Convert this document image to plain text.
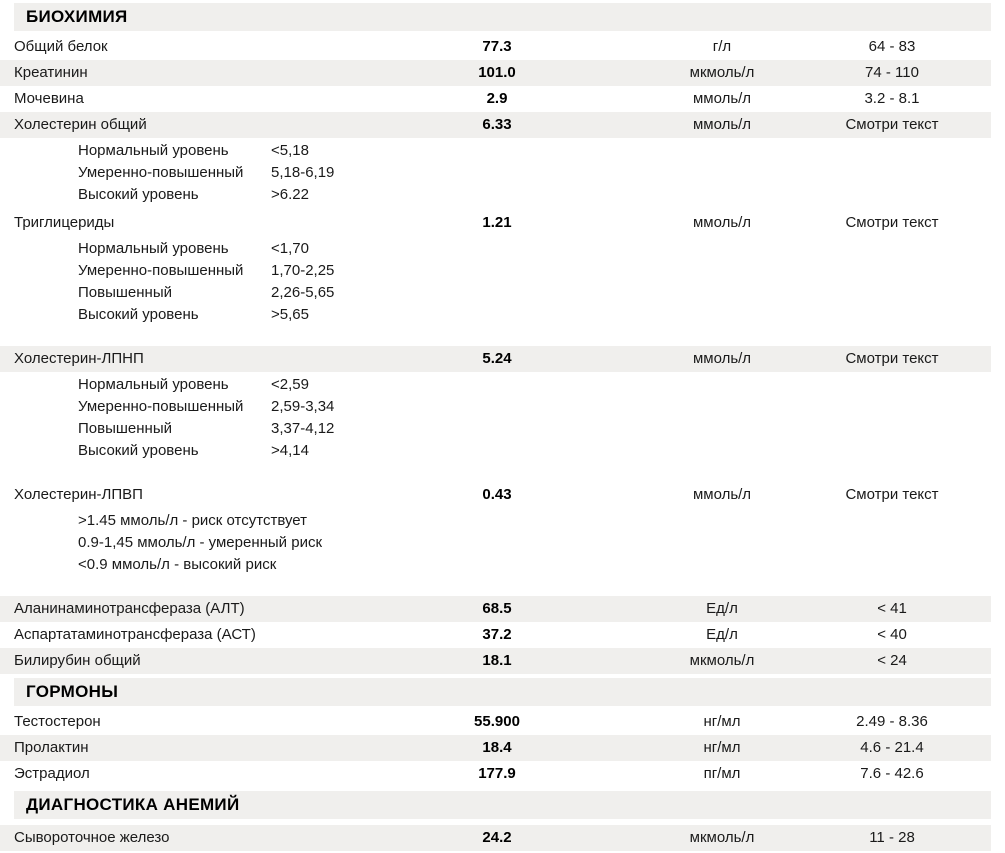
БИОХИМИЯ
Общий белок	77.3	г/л	64 - 83
Креатинин	101.0	мкмоль/л	74 - 110
Мочевина	2.9	ммоль/л	3.2 - 8.1
Холестерин общий	6.33	ммоль/л	Смотри текст
Нормальный уровень	<5,18
Умеренно-повышенный 5,18-6,19
Высокий уровень	>6.22
Триглицериды	1.21	ммоль/л	Смотри текст
Нормальный уровень	<1,70
Умеренно-повышенный 1,70-2,25
Повышенный	2,26-5,65
Высокий уровень	>5,65
Холестерин-ЛПНП	5.24	ммоль/л	Смотри текст
Нормальный уровень	<2,59
Умеренно-повышенный 2,59-3,34
Повышенный	3,37-4,12
Высокий уровень	>4,14
Холестерин-ЛПВП	0.43	ммоль/л	Смотри текст
>1.45 ммоль/л - риск отсутствует
0.9-1,45 ммоль/л - умеренный риск
<0.9 ммоль/л - высокий риск
Аланинаминотрансфераза (АЛТ)	68.5	Ед/л	< 41
Аспартатаминотрансфераза (АСТ)	37.2	Ед/л	< 40
Билирубин общий	18.1	мкмоль/л	< 24
ГОРМОНЫ
Тестостерон	55.900	нг/мл	2.49 - 8.36
Пролактин	18.4	нг/мл	4.6 - 21.4
Эстрадиол	177.9	пг/мл	7.6 - 42.6
ДИАГНОСТИКА АНЕМИЙ
Сывороточное железо	24.2	мкмоль/л	11 - 28
